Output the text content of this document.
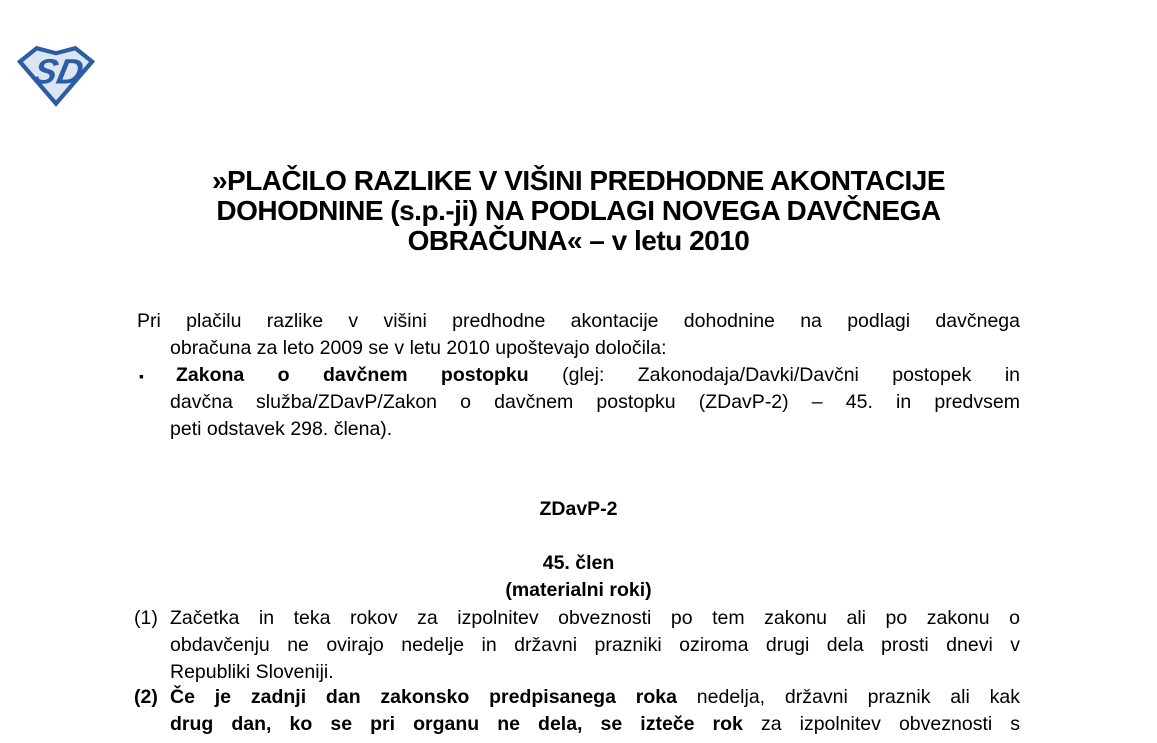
SD
»PLAČILO RAZLIKE V VIŠINI PREDHODNE AKONTACIJE
DOHODNINE (s.p.-ji) NA PODLAGI NOVEGA DAVČNEGA
OBRAČUNA« – v letu 2010
Pri plačilu razlike v višini predhodne akontacije dohodnine na podlagi davčnega
obračuna za leto 2009 se v letu 2010 upoštevajo določila:
▪ Zakona o davčnem postopku (glej: Zakonodaja/Davki/Davčni postopek in
davčna služba/ZDavP/Zakon o davčnem postopku (ZDavP-2) – 45. in predvsem
peti odstavek 298. člena).
ZDavP-2
45. člen
(materialni roki)
(1) Začetka in teka rokov za izpolnitev obveznosti po tem zakonu ali po zakonu o
obdavčenju ne ovirajo nedelje in državni prazniki oziroma drugi dela prosti dnevi v
Republiki Sloveniji.
(2) Če je zadnji dan zakonsko predpisanega roka nedelja, državni praznik ali kak
drug dan, ko se pri organu ne dela, se izteče rok za izpolnitev obveznosti s
